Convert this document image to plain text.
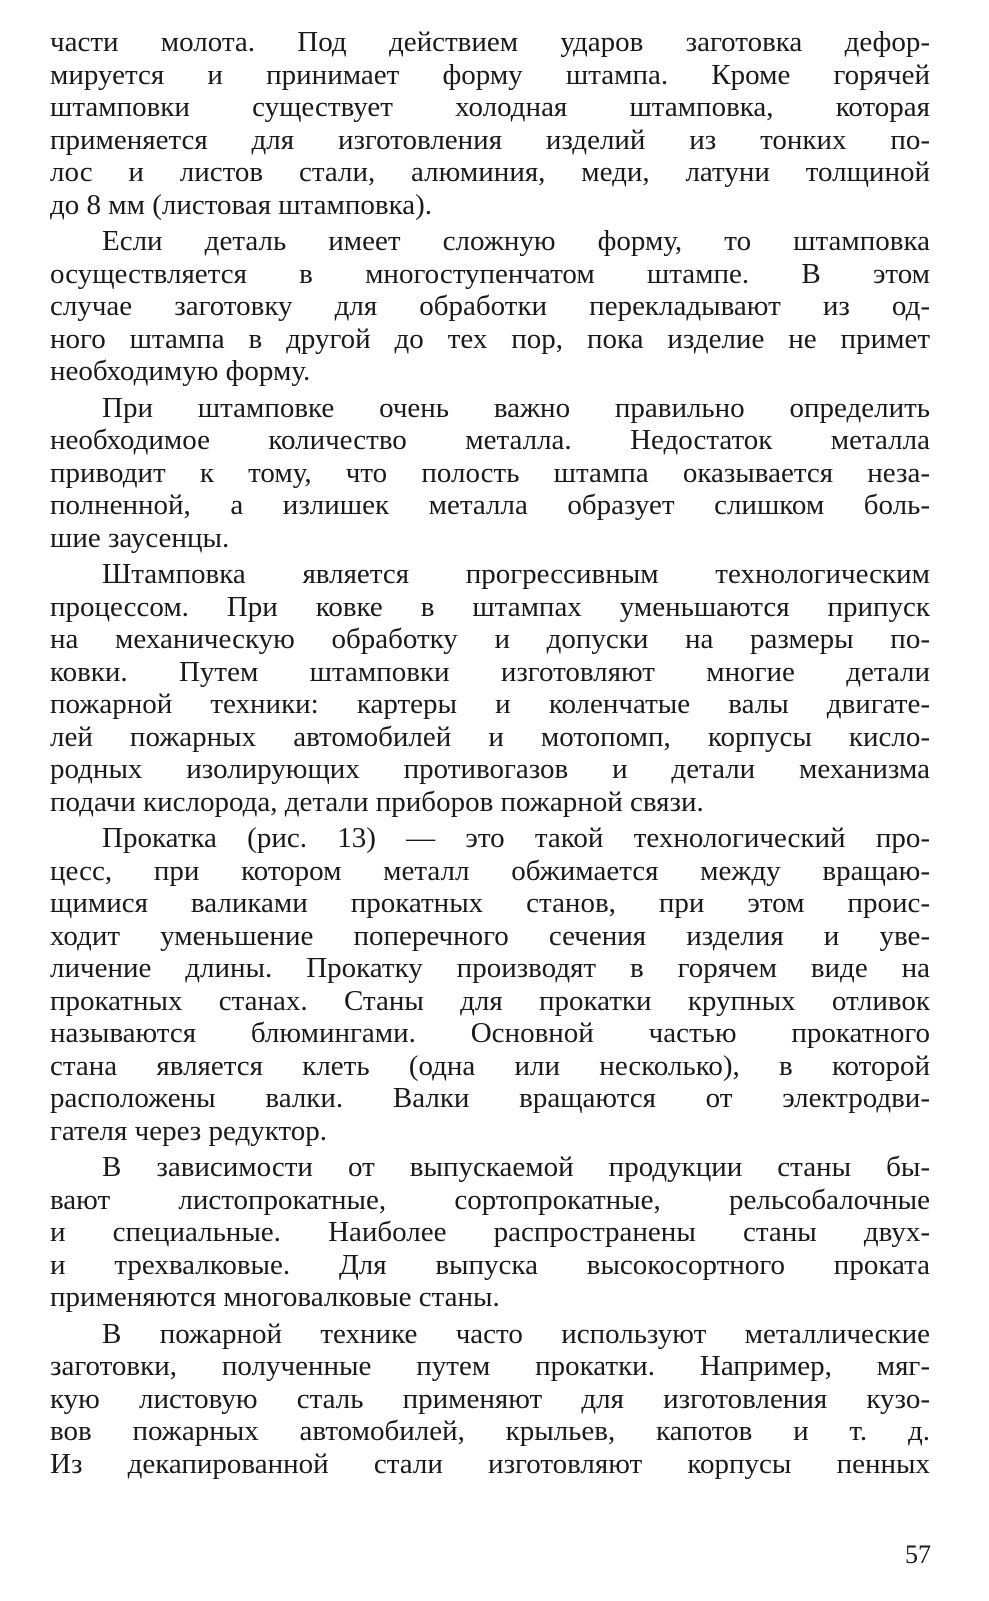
части молота. Под действием ударов заготовка дефор-
мируется и принимает форму штампа. Кроме горячей
штамповки существует холодная штамповка, которая
применяется для изготовления изделий из тонких по-
лос и листов стали, алюминия, меди, латуни толщиной
до 8 мм (листовая штамповка).
Если деталь имеет сложную форму, то штамповка
осуществляется в многоступенчатом штампе. В этом
случае заготовку для обработки перекладывают из од-
ного штампа в другой до тех пор, пока изделие не примет
необходимую форму.
При штамповке очень важно правильно определить
необходимое количество металла. Недостаток металла
приводит к тому, что полость штампа оказывается неза-
полненной, а излишек металла образует слишком боль-
шие заусенцы.
Штамповка является прогрессивным технологическим
процессом. При ковке в штампах уменьшаются припуск
на механическую обработку и допуски на размеры по-
ковки. Путем штамповки изготовляют многие детали
пожарной техники: картеры и коленчатые валы двигате-
лей пожарных автомобилей и мотопомп, корпусы кисло-
родных изолирующих противогазов и детали механизма
подачи кислорода, детали приборов пожарной связи.
Прокатка (рис. 13) — это такой технологический про-
цесс, при котором металл обжимается между вращаю-
щимися валиками прокатных станов, при этом проис-
ходит уменьшение поперечного сечения изделия и уве-
личение длины. Прокатку производят в горячем виде на
прокатных станах. Станы для прокатки крупных отливок
называются блюмингами. Основной частью прокатного
стана является клеть (одна или несколько), в которой
расположены валки. Валки вращаются от электродви-
гателя через редуктор.
В зависимости от выпускаемой продукции станы бы-
вают листопрокатные, сортопрокатные, рельсобалочные
и специальные. Наиболее распространены станы двух-
и трехвалковые. Для выпуска высокосортного проката
применяются многовалковые станы.
В пожарной технике часто используют металлические
заготовки, полученные путем прокатки. Например, мяг-
кую листовую сталь применяют для изготовления кузо-
вов пожарных автомобилей, крыльев, капотов и т. д.
Из декапированной стали изготовляют корпусы пенных
57
